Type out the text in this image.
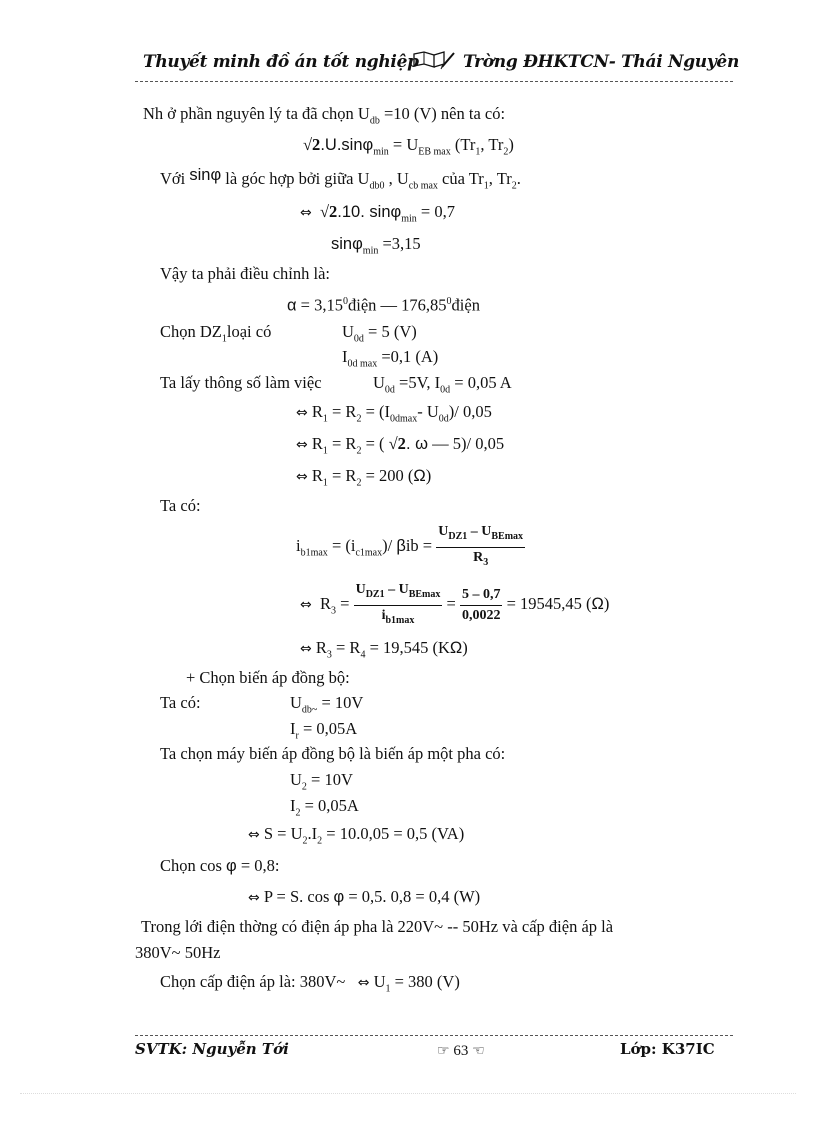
Thuyết minh đồ án tốt nghiệp	Trờng ĐHKTCN- Thái Nguyên
Nh ở phần nguyên lý ta đã chọn $U_{db} =10$ (V) nên ta có:
$√2.U.\sin\varphi_{min} = U_{EB max}$ ($Tr_1$, $Tr_2$)
Với sinφ là góc hợp bởi giữa $U_{db0}$ , $U_{cb max}$ của $Tr_1$, $Tr_2$.
⇔ √2.10. sinφ$_{min}$ = 0,7
sinφ$_{min}$ =3,15
Vậy ta phải điều chỉnh là:
$\alpha = 3,15^0điện$ — 176,85$^0$điện
Chọn $DZ_1loại$ có	$U_{0d} = 5$ (V)
$I_{0d max} =0,1$ (A)
Ta lấy thông số làm việc	$U_{0d} =5V$, $I_{0d} = 0,05$ A
⇔ $R_1 = R_2 = (I_{0dmax}-$ $U_{0d})/$ 0,05
⇔ $R_1 = R_2$ = ( √2. ω — 5)/ 0,05
⇔ $R_1 = R_2 = 200$ (Ω)
Ta có:
$i_{b1max} = (i_{c1max})/$ $\beta ib = \frac{U_{DZ1} - U_{BEmax}}{R_3}$
⇔ $R_3 = \frac{U_{DZ1} - U_{BEmax}}{i_{b1max}} = \frac{5 - 0,7}{0,0022} = 19545,45$ (Ω)
⇔ $R_3 = R_4 = 19,545$ (KΩ)
+ Chọn biến áp đồng bộ:
Ta có:	$U_{db\sim} = 10V$
$I_r = 0,05A$
Ta chọn máy biến áp đồng bộ là biến áp một pha có:
$U_2 = 10V$
$I_2 = 0,05A$
⇔ $S = U_2.I_2 = 10.0,05 = 0,5$ (VA)
Chọn cos φ = 0,8:
⇔ P = S. cos φ = 0,5. 0,8 = 0,4 (W)
Trong lới điện thờng có điện áp pha là 220V~ -- 50Hz và cấp điện áp là
380V~ 50Hz
Chọn cấp điện áp là: 380V~ ⇔ $U_1 = 380$ (V)
SVTK: Nguyễn Tới	☞ 63 ☜	Lớp: K37IC
